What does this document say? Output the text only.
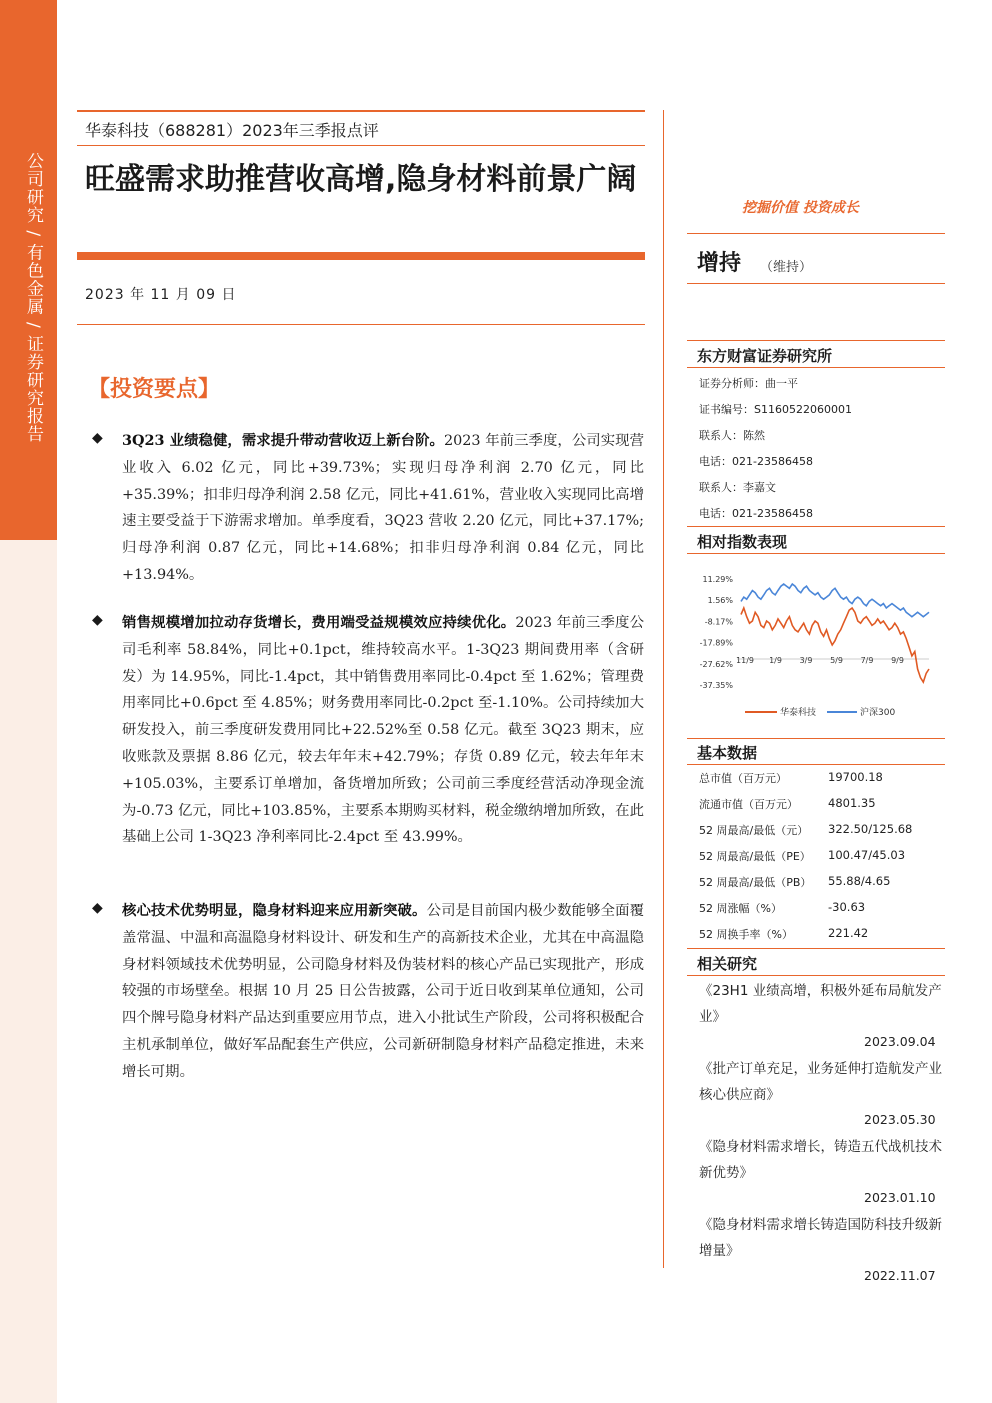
公司研究 / 有色金属 / 证券研究报告
华泰科技（688281）2023年三季报点评
旺盛需求助推营收高增,隐身材料前景广阔
2023 年 11 月 09 日
【投资要点】
◆ 3Q23 业绩稳健，需求提升带动营收迈上新台阶。2023 年前三季度，公司实现营业收入 6.02 亿元，同比+39.73%；实现归母净利润 2.70 亿元，同比+35.39%；扣非归母净利润 2.58 亿元，同比+41.61%，营业收入实现同比高增速主要受益于下游需求增加。单季度看，3Q23 营收 2.20 亿元，同比+37.17%;归母净利润 0.87 亿元，同比+14.68%；扣非归母净利润 0.84 亿元，同比+13.94%。
◆ 销售规模增加拉动存货增长，费用端受益规模效应持续优化。2023 年前三季度公司毛利率 58.84%，同比+0.1pct，维持较高水平。1-3Q23 期间费用率（含研发）为 14.95%，同比-1.4pct，其中销售费用率同比-0.4pct 至 1.62%；管理费用率同比+0.6pct 至 4.85%；财务费用率同比-0.2pct 至-1.10%。公司持续加大研发投入，前三季度研发费用同比+22.52%至 0.58 亿元。截至 3Q23 期末，应收账款及票据 8.86 亿元，较去年年末+42.79%；存货 0.89 亿元，较去年年末+105.03%，主要系订单增加，备货增加所致；公司前三季度经营活动净现金流为-0.73 亿元，同比+103.85%，主要系本期购买材料，税金缴纳增加所致，在此基础上公司 1-3Q23 净利率同比-2.4pct 至 43.99%。
◆ 核心技术优势明显，隐身材料迎来应用新突破。公司是目前国内极少数能够全面覆盖常温、中温和高温隐身材料设计、研发和生产的高新技术企业，尤其在中高温隐身材料领域技术优势明显，公司隐身材料及伪装材料的核心产品已实现批产，形成较强的市场壁垒。根据 10 月 25 日公告披露，公司于近日收到某单位通知，公司四个牌号隐身材料产品达到重要应用节点，进入小批试生产阶段，公司将积极配合主机承制单位，做好军品配套生产供应，公司新研制隐身材料产品稳定推进，未来增长可期。
挖掘价值 投资成长
增持 （维持）
东方财富证券研究所
证券分析师：曲一平
证书编号：S1160522060001
联系人：陈然
电话：021-23586458
联系人：李嘉文
电话：021-23586458
相对指数表现
11.29%
1.56%
-8.17%
-17.89%
-27.62%
-37.35%
11/9 1/9 3/9 5/9 7/9 9/9
华泰科技	沪深300
基本数据
总市值（百万元）	19700.18
流通市值（百万元）	4801.35
52 周最高/最低（元） 322.50/125.68
52 周最高/最低（PE） 100.47/45.03
52 周最高/最低（PB） 55.88/4.65
52 周涨幅（%）	-30.63
52 周换手率（%）	221.42
相关研究
《23H1 业绩高增，积极外延布局航发产业》
2023.09.04
《批产订单充足，业务延伸打造航发产业核心供应商》
2023.05.30
《隐身材料需求增长，铸造五代战机技术新优势》
2023.01.10
《隐身材料需求增长铸造国防科技升级新增量》
2022.11.07
